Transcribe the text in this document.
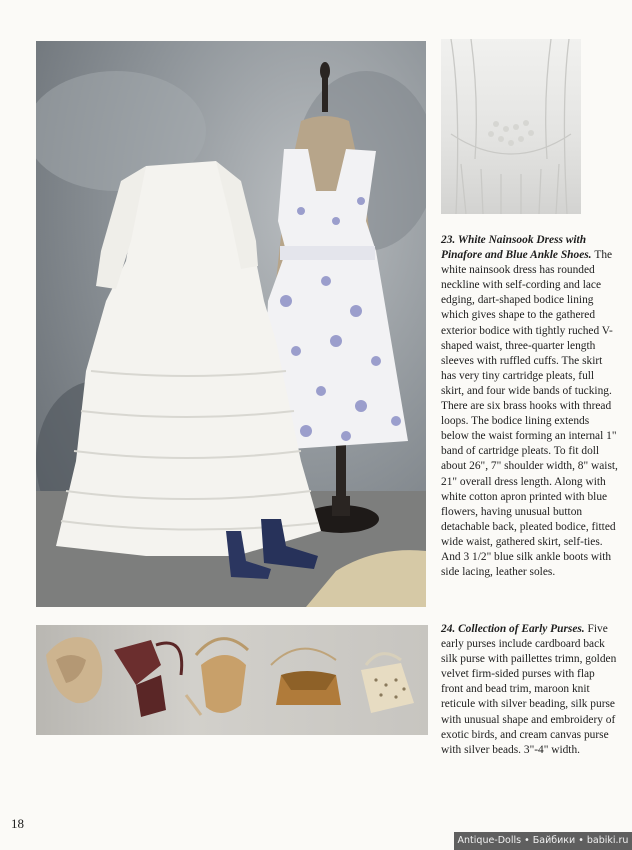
23. White Nainsook Dress with Pinafore and Blue Ankle Shoes. The white nainsook dress has rounded neckline with self-cording and lace edging, dart-shaped bodice lining which gives shape to the gathered exterior bodice with tightly ruched V-shaped waist, three-quarter length sleeves with ruffled cuffs. The skirt has very tiny cartridge pleats, full skirt, and four wide bands of tucking. There are six brass hooks with thread loops. The bodice lining extends below the waist forming an internal 1" band of cartridge pleats. To fit doll about 26", 7" shoulder width, 8" waist, 21" overall dress length. Along with white cotton apron printed with blue flowers, having unusual button detachable back, pleated bodice, fitted wide waist, gathered skirt, self-ties. And 3 1/2" blue silk ankle boots with side lacing, leather soles.
24. Collection of Early Purses. Five early purses include cardboard back silk purse with paillettes trimn, golden velvet firm-sided purses with flap front and bead trim, maroon knit reticule with silver beading, silk purse with unusual shape and embroidery of exotic birds, and cream canvas purse with silver beads. 3"-4" width.
18
Antique-Dolls • Байбики • babiki.ru
